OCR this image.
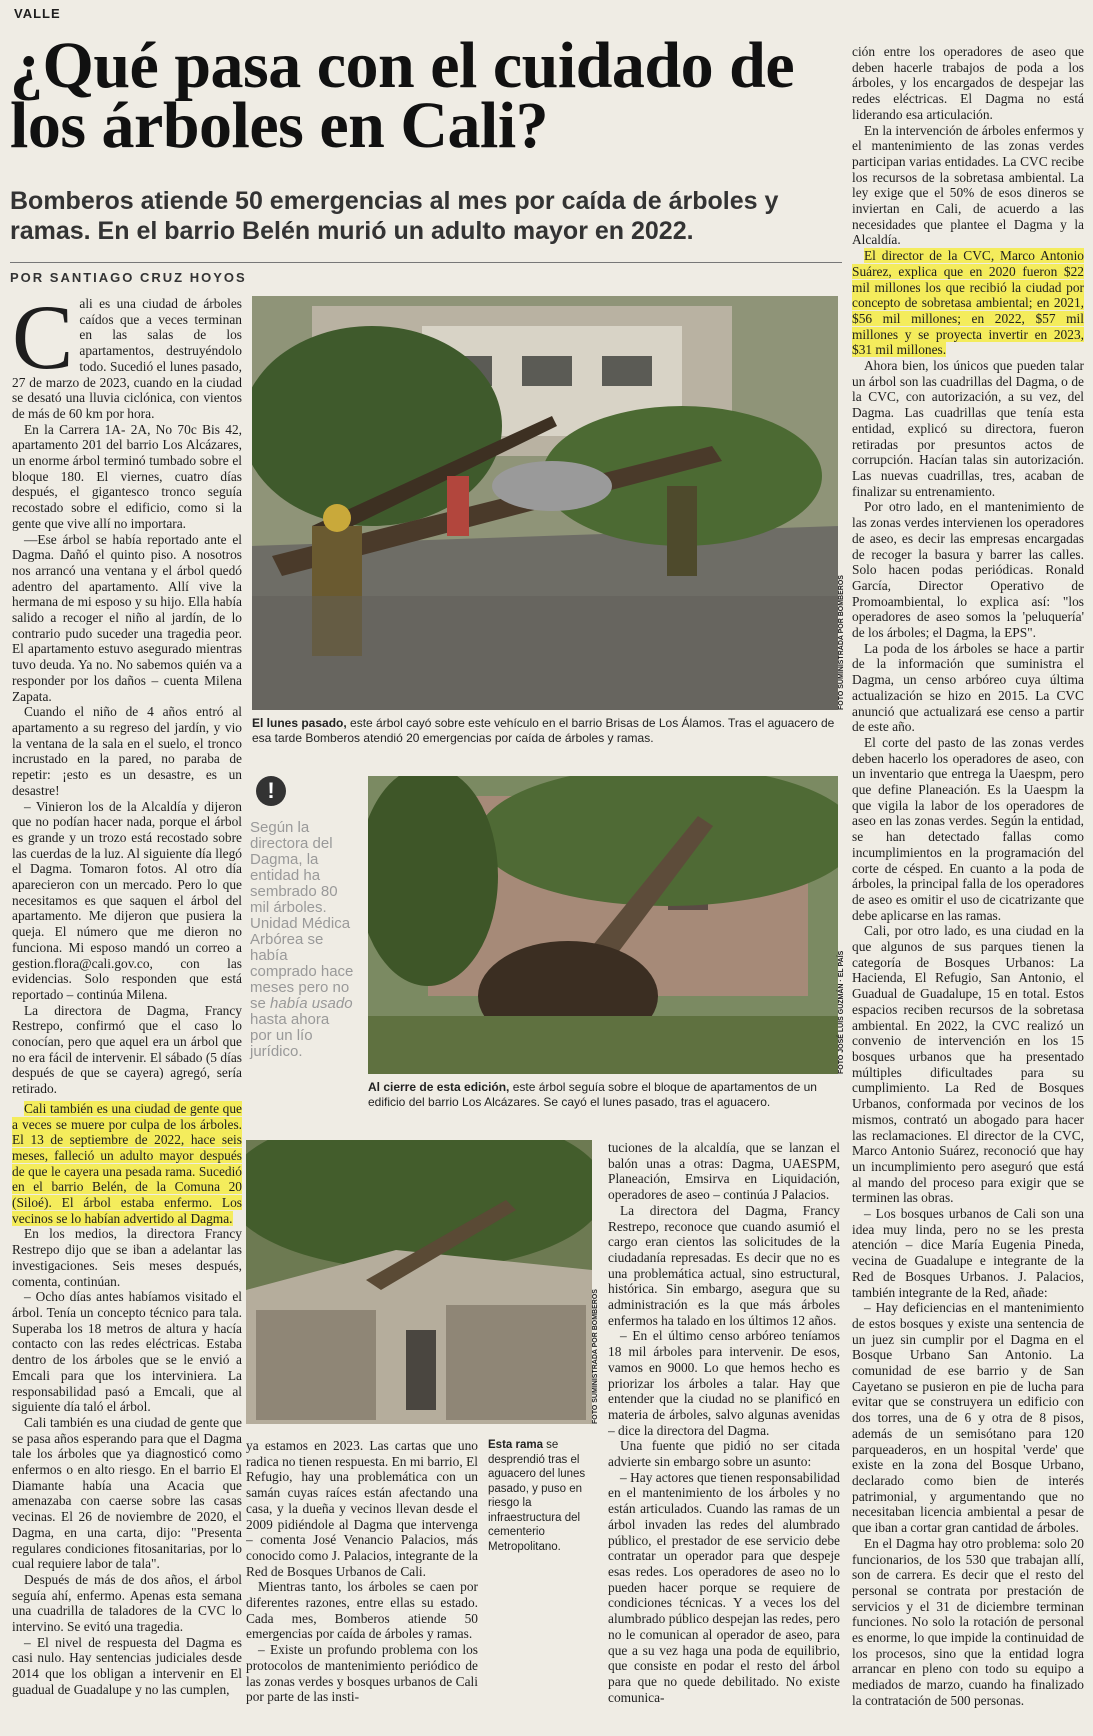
VALLE
¿Qué pasa con el cuidado de los árboles en Cali?
Bomberos atiende 50 emergencias al mes por caída de árboles y ramas. En el barrio Belén murió un adulto mayor en 2022.
POR SANTIAGO CRUZ HOYOS
C ali es una ciudad de árboles caídos que a veces terminan en las salas de los apartamentos, destruyéndolo todo. Sucedió el lunes pasado, 27 de marzo de 2023, cuando en la ciudad se desató una lluvia ciclónica, con vientos de más de 60 km por hora.

En la Carrera 1A- 2A, No 70c Bis 42, apartamento 201 del barrio Los Alcázares, un enorme árbol terminó tumbado sobre el bloque 180. El viernes, cuatro días después, el gigantesco tronco seguía recostado sobre el edificio, como si la gente que vive allí no importara.

—Ese árbol se había reportado ante el Dagma. Dañó el quinto piso. A nosotros nos arrancó una ventana y el árbol quedó adentro del apartamento. Allí vive la hermana de mi esposo y su hijo. Ella había salido a recoger el niño al jardín, de lo contrario pudo suceder una tragedia peor. El apartamento estuvo asegurado mientras tuvo deuda. Ya no. No sabemos quién va a responder por los daños – cuenta Milena Zapata.

Cuando el niño de 4 años entró al apartamento a su regreso del jardín, y vio la ventana de la sala en el suelo, el tronco incrustado en la pared, no paraba de repetir: ¡esto es un desastre, es un desastre!

– Vinieron los de la Alcaldía y dijeron que no podían hacer nada, porque el árbol es grande y un trozo está recostado sobre las cuerdas de la luz. Al siguiente día llegó el Dagma. Tomaron fotos. Al otro día aparecieron con un mercado. Pero lo que necesitamos es que saquen el árbol del apartamento. Me dijeron que pusiera la queja. El número que me dieron no funciona. Mi esposo mandó un correo a gestion.flora@cali.gov.co, con las evidencias. Solo responden que está reportado – continúa Milena.

La directora de Dagma, Francy Restrepo, confirmó que el caso lo conocían, pero que aquel era un árbol que no era fácil de intervenir. El sábado (5 días después de que se cayera) agregó, sería retirado.

Cali también es una ciudad de gente que a veces se muere por culpa de los árboles. El 13 de septiembre de 2022, hace seis meses, falleció un adulto mayor después de que le cayera una pesada rama. Sucedió en el barrio Belén, de la Comuna 20 (Siloé). El árbol estaba enfermo. Los vecinos se lo habían advertido al Dagma.

En los medios, la directora Francy Restrepo dijo que se iban a adelantar las investigaciones. Seis meses después, comenta, continúan.

– Ocho días antes habíamos visitado el árbol. Tenía un concepto técnico para tala. Superaba los 18 metros de altura y hacía contacto con las redes eléctricas. Estaba dentro de los árboles que se le envió a Emcali para que los interviniera. La responsabilidad pasó a Emcali, que al siguiente día taló el árbol.

Cali también es una ciudad de gente que se pasa años esperando para que el Dagma tale los árboles que ya diagnosticó como enfermos o en alto riesgo. En el barrio El Diamante había una Acacia que amenazaba con caerse sobre las casas vecinas. El 26 de noviembre de 2020, el Dagma, en una carta, dijo: "Presenta regulares condiciones fitosanitarias, por lo cual requiere labor de tala".

Después de más de dos años, el árbol seguía ahí, enfermo. Apenas esta semana una cuadrilla de taladores de la CVC lo intervino. Se evitó una tragedia.

– El nivel de respuesta del Dagma es casi nulo. Hay sentencias judiciales desde 2014 que los obligan a intervenir en El guadual de Guadalupe y no las cumplen,

FOTO SUMINISTRADA POR BOMBEROS
El lunes pasado, este árbol cayó sobre este vehículo en el barrio Brisas de Los Álamos. Tras el aguacero de esa tarde Bomberos atendió 20 emergencias por caída de árboles y ramas.
!
Según la directora del Dagma, la entidad ha sembrado 80 mil árboles. Unidad Médica Arbórea se había comprado hace meses pero no se había usado hasta ahora por un lío jurídico.	FOTO JOSÉ LUIS GUZMÁN · EL PAÍS
Al cierre de esta edición, este árbol seguía sobre el bloque de apartamentos de un edificio del barrio Los Alcázares. Se cayó el lunes pasado, tras el aguacero.
FOTO SUMINISTRADA POR BOMBEROS
Esta rama se desprendió tras el aguacero del lunes pasado, y puso en riesgo la infraestructura del cementerio Metropolitano.

ya estamos en 2023. Las cartas que uno radica no tienen respuesta. En mi barrio, El Refugio, hay una problemática con un samán cuyas raíces están afectando una casa, y la dueña y vecinos llevan desde el 2009 pidiéndole al Dagma que intervenga – comenta José Venancio Palacios, más conocido como J. Palacios, integrante de la Red de Bosques Urbanos de Cali.

Mientras tanto, los árboles se caen por diferentes razones, entre ellas su estado. Cada mes, Bomberos atiende 50 emergencias por caída de árboles y ramas.

– Existe un profundo problema con los protocolos de mantenimiento periódico de las zonas verdes y bosques urbanos de Cali por parte de las insti-

tuciones de la alcaldía, que se lanzan el balón unas a otras: Dagma, UAESPM, Planeación, Emsirva en Liquidación, operadores de aseo – continúa J Palacios.

La directora del Dagma, Francy Restrepo, reconoce que cuando asumió el cargo eran cientos las solicitudes de la ciudadanía represadas. Es decir que no es una problemática actual, sino estructural, histórica. Sin embargo, asegura que su administración es la que más árboles enfermos ha talado en los últimos 12 años.

– En el último censo arbóreo teníamos 18 mil árboles para intervenir. De esos, vamos en 9000. Lo que hemos hecho es priorizar los árboles a talar. Hay que entender que la ciudad no se planificó en materia de árboles, salvo algunas avenidas – dice la directora del Dagma.

Una fuente que pidió no ser citada advierte sin embargo sobre un asunto:

– Hay actores que tienen responsabilidad en el mantenimiento de los árboles y no están articulados. Cuando las ramas de un árbol invaden las redes del alumbrado público, el prestador de ese servicio debe contratar un operador para que despeje esas redes. Los operadores de aseo no lo pueden hacer porque se requiere de condiciones técnicas. Y a veces los del alumbrado público despejan las redes, pero no le comunican al operador de aseo, para que a su vez haga una poda de equilibrio, que consiste en podar el resto del árbol para que no quede debilitado. No existe comunica-

ción entre los operadores de aseo que deben hacerle trabajos de poda a los árboles, y los encargados de despejar las redes eléctricas. El Dagma no está liderando esa articulación.

En la intervención de árboles enfermos y el mantenimiento de las zonas verdes participan varias entidades. La CVC recibe los recursos de la sobretasa ambiental. La ley exige que el 50% de esos dineros se inviertan en Cali, de acuerdo a las necesidades que plantee el Dagma y la Alcaldía.

El director de la CVC, Marco Antonio Suárez, explica que en 2020 fueron $22 mil millones los que recibió la ciudad por concepto de sobretasa ambiental; en 2021, $56 mil millones; en 2022, $57 mil millones y se proyecta invertir en 2023, $31 mil millones.

Ahora bien, los únicos que pueden talar un árbol son las cuadrillas del Dagma, o de la CVC, con autorización, a su vez, del Dagma. Las cuadrillas que tenía esta entidad, explicó su directora, fueron retiradas por presuntos actos de corrupción. Hacían talas sin autorización. Las nuevas cuadrillas, tres, acaban de finalizar su entrenamiento.

Por otro lado, en el mantenimiento de las zonas verdes intervienen los operadores de aseo, es decir las empresas encargadas de recoger la basura y barrer las calles. Solo hacen podas periódicas. Ronald García, Director Operativo de Promoambiental, lo explica así: "los operadores de aseo somos la 'peluquería' de los árboles; el Dagma, la EPS".

La poda de los árboles se hace a partir de la información que suministra el Dagma, un censo arbóreo cuya última actualización se hizo en 2015. La CVC anunció que actualizará ese censo a partir de este año.

El corte del pasto de las zonas verdes deben hacerlo los operadores de aseo, con un inventario que entrega la Uaespm, pero que define Planeación. Es la Uaespm la que vigila la labor de los operadores de aseo en las zonas verdes. Según la entidad, se han detectado fallas como incumplimientos en la programación del corte de césped. En cuanto a la poda de árboles, la principal falla de los operadores de aseo es omitir el uso de cicatrizante que debe aplicarse en las ramas.

Cali, por otro lado, es una ciudad en la que algunos de sus parques tienen la categoría de Bosques Urbanos: La Hacienda, El Refugio, San Antonio, el Guadual de Guadalupe, 15 en total. Estos espacios reciben recursos de la sobretasa ambiental. En 2022, la CVC realizó un convenio de intervención en los 15 bosques urbanos que ha presentado múltiples dificultades para su cumplimiento. La Red de Bosques Urbanos, conformada por vecinos de los mismos, contrató un abogado para hacer las reclamaciones. El director de la CVC, Marco Antonio Suárez, reconoció que hay un incumplimiento pero aseguró que está al mando del proceso para exigir que se terminen las obras.

– Los bosques urbanos de Cali son una idea muy linda, pero no se les presta atención – dice María Eugenia Pineda, vecina de Guadalupe e integrante de la Red de Bosques Urbanos. J. Palacios, también integrante de la Red, añade:

– Hay deficiencias en el mantenimiento de estos bosques y existe una sentencia de un juez sin cumplir por el Dagma en el Bosque Urbano San Antonio. La comunidad de ese barrio y de San Cayetano se pusieron en pie de lucha para evitar que se construyera un edificio con dos torres, una de 6 y otra de 8 pisos, además de un semisótano para 120 parqueaderos, en un hospital 'verde' que existe en la zona del Bosque Urbano, declarado como bien de interés patrimonial, y argumentando que no necesitaban licencia ambiental a pesar de que iban a cortar gran cantidad de árboles.

En el Dagma hay otro problema: solo 20 funcionarios, de los 530 que trabajan allí, son de carrera. Es decir que el resto del personal se contrata por prestación de servicios y el 31 de diciembre terminan funciones. No solo la rotación de personal es enorme, lo que impide la continuidad de los procesos, sino que la entidad logra arrancar en pleno con todo su equipo a mediados de marzo, cuando ha finalizado la contratación de 500 personas.
